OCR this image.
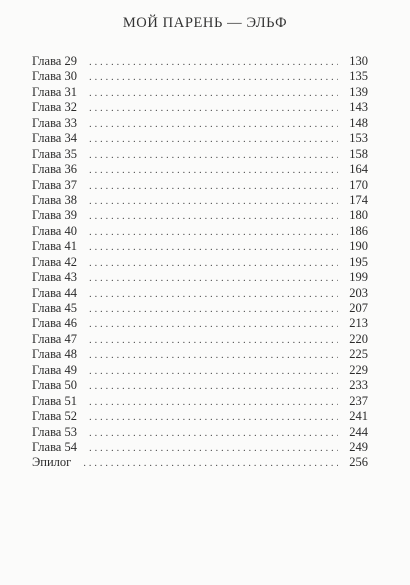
МОЙ ПАРЕНЬ — ЭЛЬФ
Глава 29 . . .	130
Глава 30 . . .	135
Глава 31 . . .	139
Глава 32 . . .	143
Глава 33 . . .	148
Глава 34 . . .	153
Глава 35 . . .	158
Глава 36 . . .	164
Глава 37 . . .	170
Глава 38 . . .	174
Глава 39 . . .	180
Глава 40 . . .	186
Глава 41 . . .	190
Глава 42 . . .	195
Глава 43 . . .	199
Глава 44 . . .	203
Глава 45 . . .	207
Глава 46 . . .	213
Глава 47 . . .	220
Глава 48 . . .	225
Глава 49 . . .	229
Глава 50 . . .	233
Глава 51 . . .	237
Глава 52 . . .	241
Глава 53 . . .	244
Глава 54 . . .	249
Эпилог . . .	256
